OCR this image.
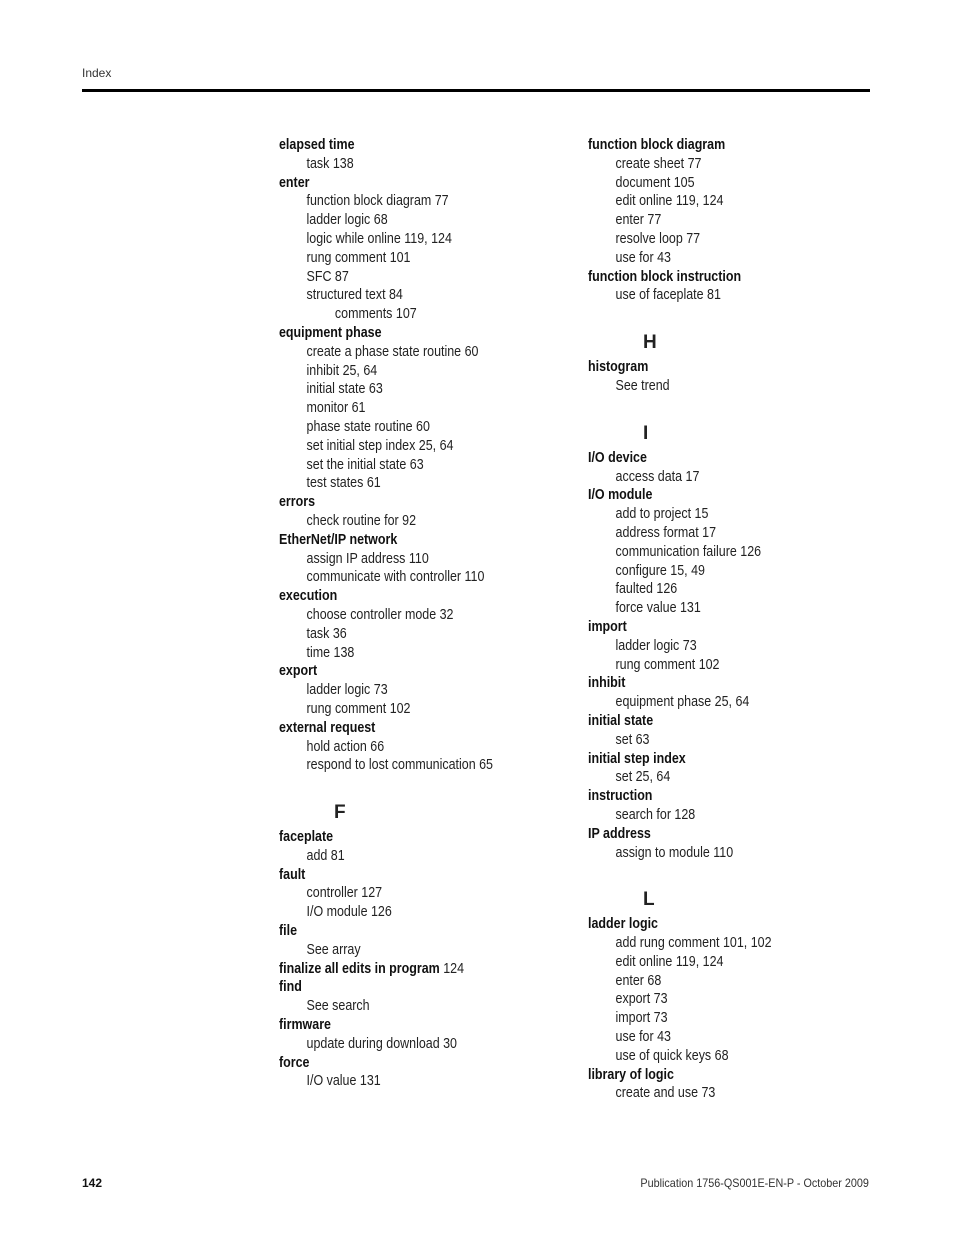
Index
elapsed time
task 138
enter
function block diagram 77
ladder logic 68
logic while online 119, 124
rung comment 101
SFC 87
structured text 84
comments 107
equipment phase
create a phase state routine 60
inhibit 25, 64
initial state 63
monitor 61
phase state routine 60
set initial step index 25, 64
set the initial state 63
test states 61
errors
check routine for 92
EtherNet/IP network
assign IP address 110
communicate with controller 110
execution
choose controller mode 32
task 36
time 138
export
ladder logic 73
rung comment 102
external request
hold action 66
respond to lost communication 65
F
faceplate
add 81
fault
controller 127
I/O module 126
file
See array
finalize all edits in program 124
find
See search
firmware
update during download 30
force
I/O value 131
function block diagram
create sheet 77
document 105
edit online 119, 124
enter 77
resolve loop 77
use for 43
function block instruction
use of faceplate 81
H
histogram
See trend
I
I/O device
access data 17
I/O module
add to project 15
address format 17
communication failure 126
configure 15, 49
faulted 126
force value 131
import
ladder logic 73
rung comment 102
inhibit
equipment phase 25, 64
initial state
set 63
initial step index
set 25, 64
instruction
search for 128
IP address
assign to module 110
L
ladder logic
add rung comment 101, 102
edit online 119, 124
enter 68
export 73
import 73
use for 43
use of quick keys 68
library of logic
create and use 73
142	Publication 1756-QS001E-EN-P - October 2009
